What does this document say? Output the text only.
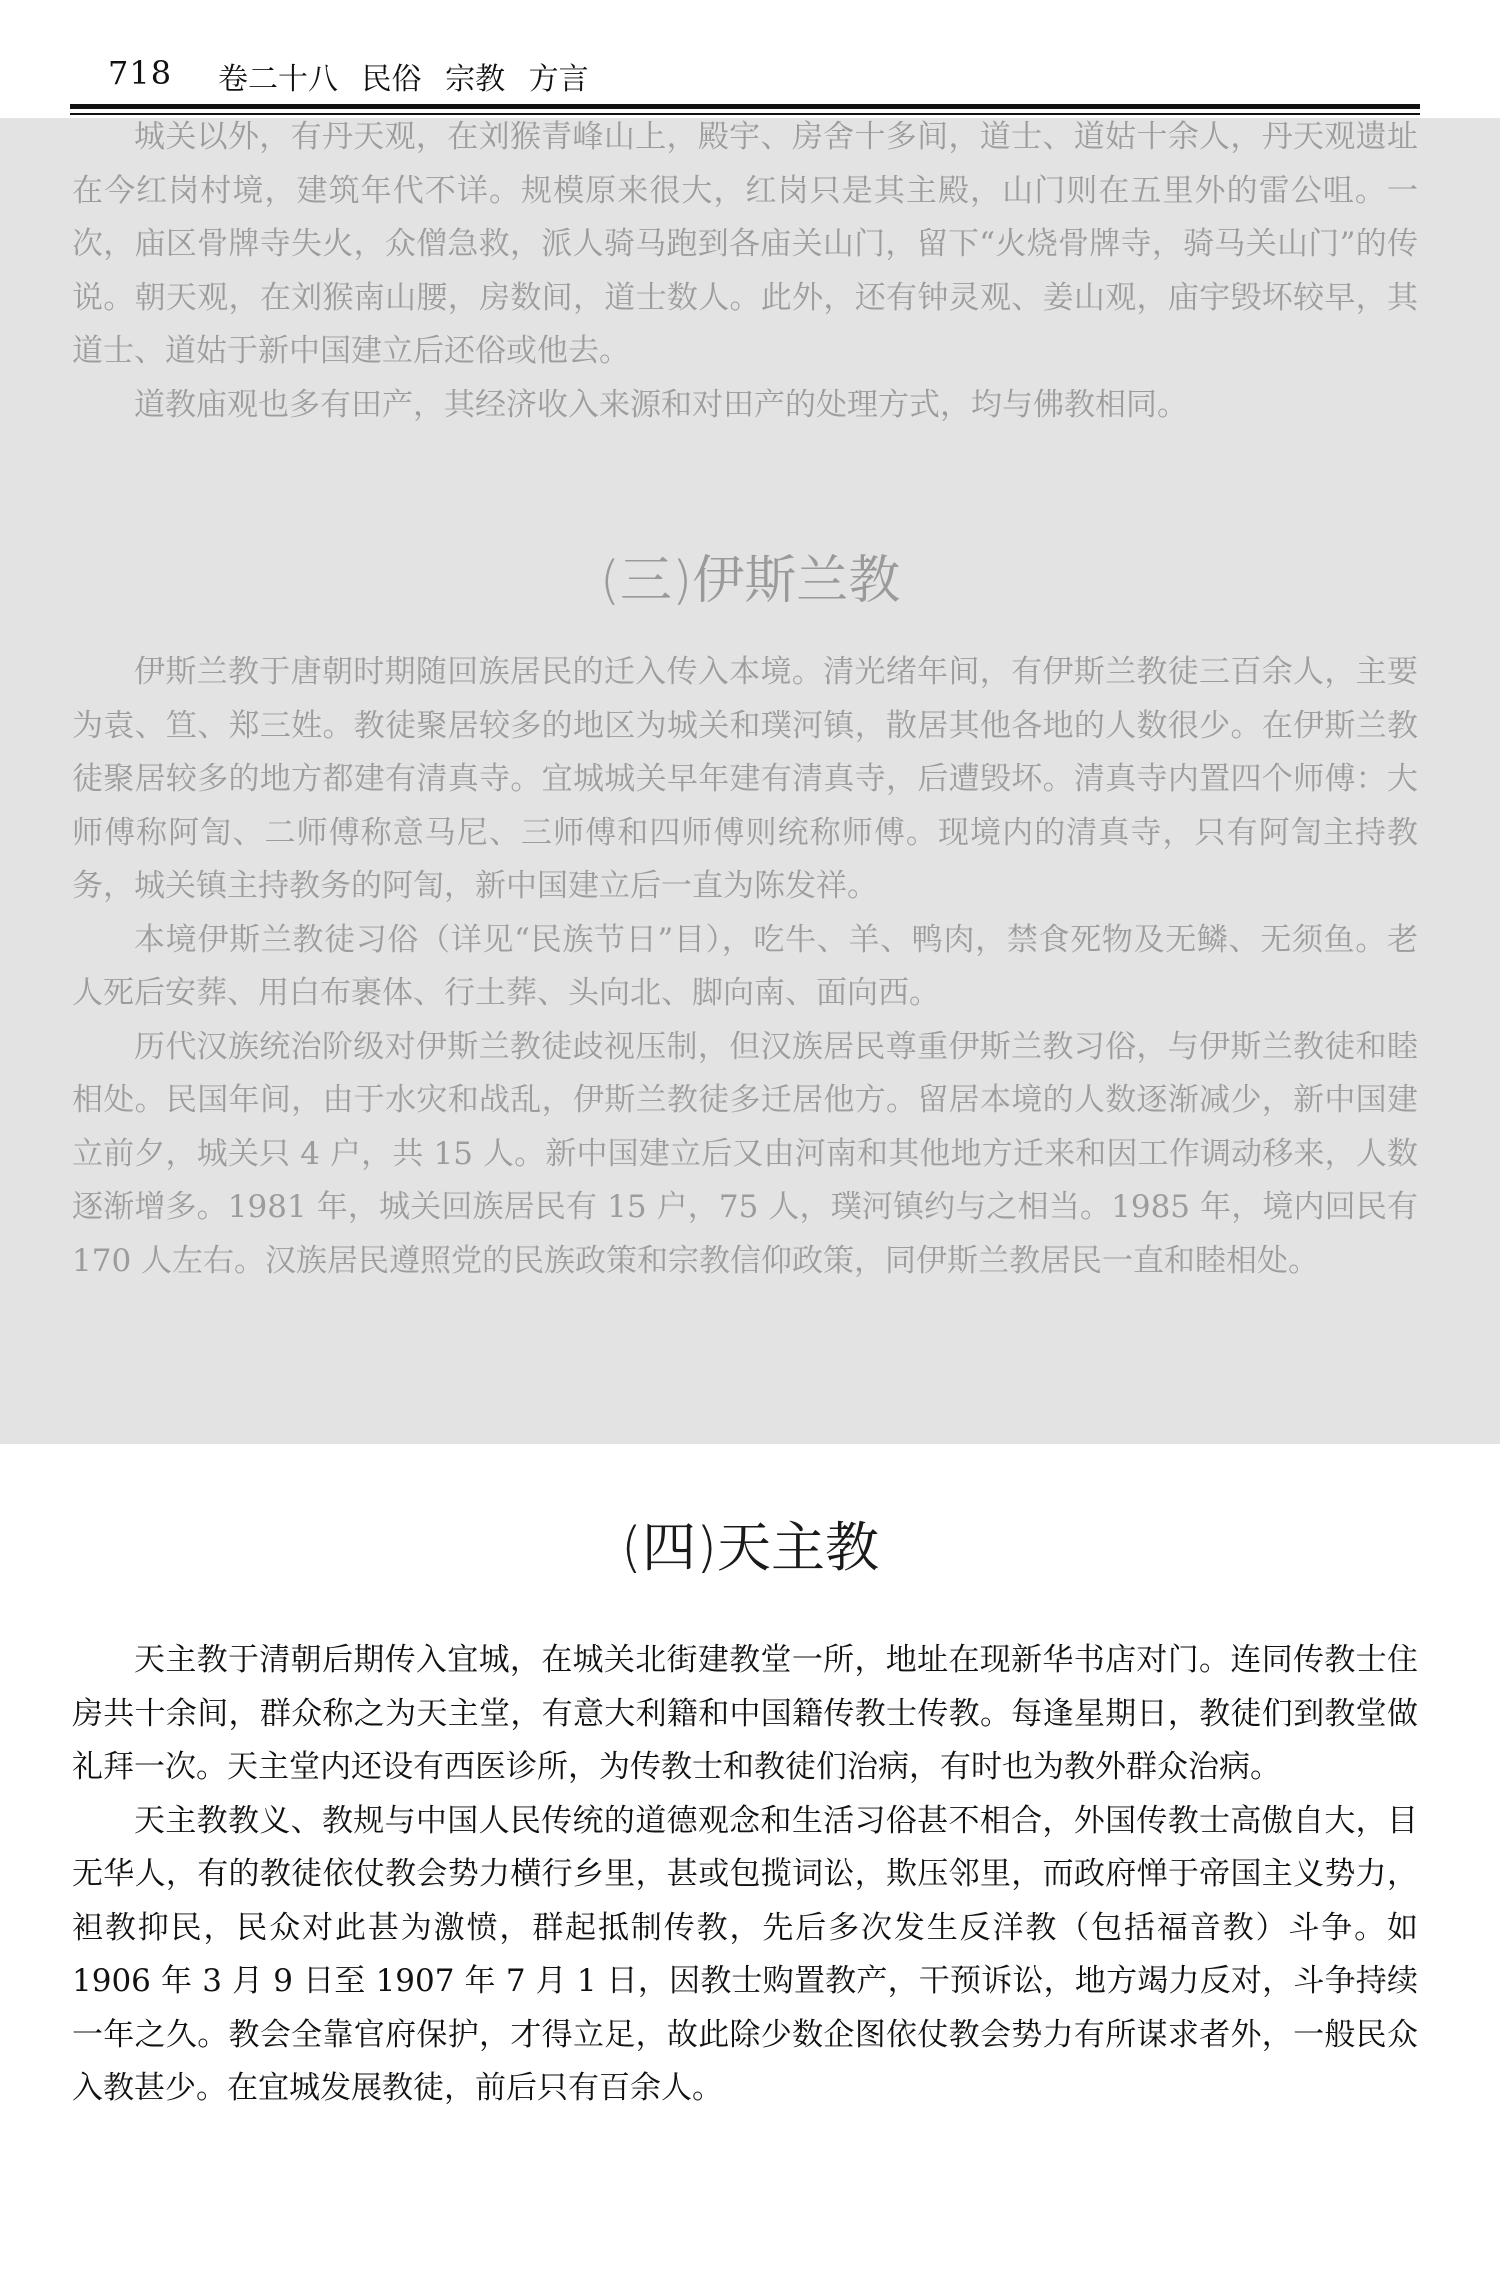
718 卷二十八 民俗 宗教 方言

城关以外，有丹天观，在刘猴青峰山上，殿宇、房舍十多间，道士、道姑十余人，丹天观遗址在今红岗村境，建筑年代不详。规模原来很大，红岗只是其主殿，山门则在五里外的雷公咀。一次，庙区骨牌寺失火，众僧急救，派人骑马跑到各庙关山门，留下“火烧骨牌寺，骑马关山门”的传说。朝天观，在刘猴南山腰，房数间，道士数人。此外，还有钟灵观、姜山观，庙宇毁坏较早，其道士、道姑于新中国建立后还俗或他去。

道教庙观也多有田产，其经济收入来源和对田产的处理方式，均与佛教相同。

(三)伊斯兰教

伊斯兰教于唐朝时期随回族居民的迁入传入本境。清光绪年间，有伊斯兰教徒三百余人，主要为袁、笪、郑三姓。教徒聚居较多的地区为城关和璞河镇，散居其他各地的人数很少。在伊斯兰教徒聚居较多的地方都建有清真寺。宜城城关早年建有清真寺，后遭毁坏。清真寺内置四个师傅：大师傅称阿訇、二师傅称意马尼、三师傅和四师傅则统称师傅。现境内的清真寺，只有阿訇主持教务，城关镇主持教务的阿訇，新中国建立后一直为陈发祥。

本境伊斯兰教徒习俗（详见“民族节日”目），吃牛、羊、鸭肉，禁食死物及无鳞、无须鱼。老人死后安葬、用白布裹体、行土葬、头向北、脚向南、面向西。

历代汉族统治阶级对伊斯兰教徒歧视压制，但汉族居民尊重伊斯兰教习俗，与伊斯兰教徒和睦相处。民国年间，由于水灾和战乱，伊斯兰教徒多迁居他方。留居本境的人数逐渐减少，新中国建立前夕，城关只 4 户，共 15 人。新中国建立后又由河南和其他地方迁来和因工作调动移来，人数逐渐增多。1981 年，城关回族居民有 15 户，75 人，璞河镇约与之相当。1985 年，境内回民有 170 人左右。汉族居民遵照党的民族政策和宗教信仰政策，同伊斯兰教居民一直和睦相处。

(四)天主教

天主教于清朝后期传入宜城，在城关北街建教堂一所，地址在现新华书店对门。连同传教士住房共十余间，群众称之为天主堂，有意大利籍和中国籍传教士传教。每逢星期日，教徒们到教堂做礼拜一次。天主堂内还设有西医诊所，为传教士和教徒们治病，有时也为教外群众治病。

天主教教义、教规与中国人民传统的道德观念和生活习俗甚不相合，外国传教士高傲自大，目无华人，有的教徒依仗教会势力横行乡里，甚或包揽词讼，欺压邻里，而政府惮于帝国主义势力，袒教抑民，民众对此甚为激愤，群起抵制传教，先后多次发生反洋教（包括福音教）斗争。如 1906 年 3 月 9 日至 1907 年 7 月 1 日，因教士购置教产，干预诉讼，地方竭力反对，斗争持续一年之久。教会全靠官府保护，才得立足，故此除少数企图依仗教会势力有所谋求者外，一般民众入教甚少。在宜城发展教徒，前后只有百余人。
